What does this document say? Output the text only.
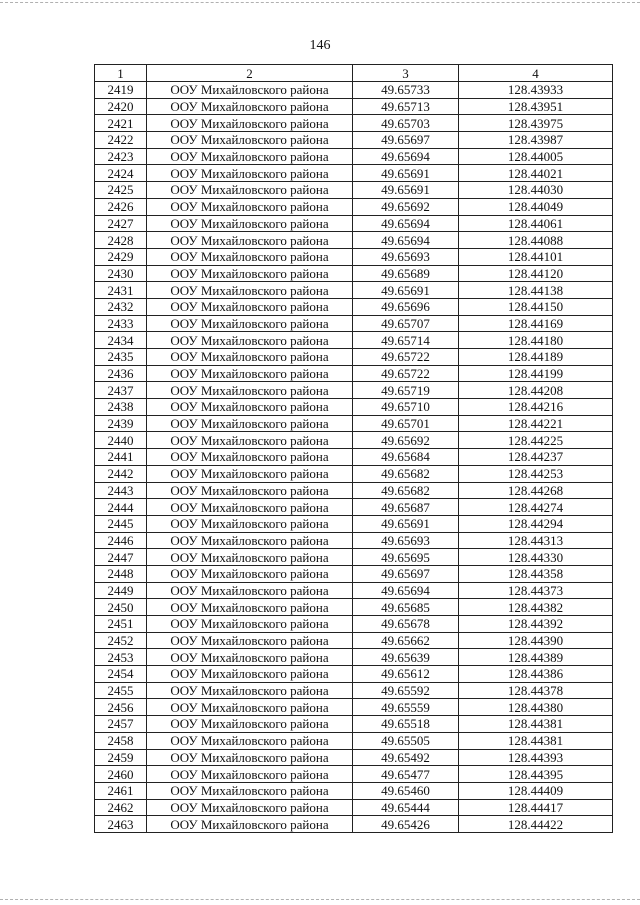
146
1	2	3	4
2419	ООУ Михайловского района	49.65733	128.43933
2420	ООУ Михайловского района	49.65713	128.43951
2421	ООУ Михайловского района	49.65703	128.43975
2422	ООУ Михайловского района	49.65697	128.43987
2423	ООУ Михайловского района	49.65694	128.44005
2424	ООУ Михайловского района	49.65691	128.44021
2425	ООУ Михайловского района	49.65691	128.44030
2426	ООУ Михайловского района	49.65692	128.44049
2427	ООУ Михайловского района	49.65694	128.44061
2428	ООУ Михайловского района	49.65694	128.44088
2429	ООУ Михайловского района	49.65693	128.44101
2430	ООУ Михайловского района	49.65689	128.44120
2431	ООУ Михайловского района	49.65691	128.44138
2432	ООУ Михайловского района	49.65696	128.44150
2433	ООУ Михайловского района	49.65707	128.44169
2434	ООУ Михайловского района	49.65714	128.44180
2435	ООУ Михайловского района	49.65722	128.44189
2436	ООУ Михайловского района	49.65722	128.44199
2437	ООУ Михайловского района	49.65719	128.44208
2438	ООУ Михайловского района	49.65710	128.44216
2439	ООУ Михайловского района	49.65701	128.44221
2440	ООУ Михайловского района	49.65692	128.44225
2441	ООУ Михайловского района	49.65684	128.44237
2442	ООУ Михайловского района	49.65682	128.44253
2443	ООУ Михайловского района	49.65682	128.44268
2444	ООУ Михайловского района	49.65687	128.44274
2445	ООУ Михайловского района	49.65691	128.44294
2446	ООУ Михайловского района	49.65693	128.44313
2447	ООУ Михайловского района	49.65695	128.44330
2448	ООУ Михайловского района	49.65697	128.44358
2449	ООУ Михайловского района	49.65694	128.44373
2450	ООУ Михайловского района	49.65685	128.44382
2451	ООУ Михайловского района	49.65678	128.44392
2452	ООУ Михайловского района	49.65662	128.44390
2453	ООУ Михайловского района	49.65639	128.44389
2454	ООУ Михайловского района	49.65612	128.44386
2455	ООУ Михайловского района	49.65592	128.44378
2456	ООУ Михайловского района	49.65559	128.44380
2457	ООУ Михайловского района	49.65518	128.44381
2458	ООУ Михайловского района	49.65505	128.44381
2459	ООУ Михайловского района	49.65492	128.44393
2460	ООУ Михайловского района	49.65477	128.44395
2461	ООУ Михайловского района	49.65460	128.44409
2462	ООУ Михайловского района	49.65444	128.44417
2463	ООУ Михайловского района	49.65426	128.44422
